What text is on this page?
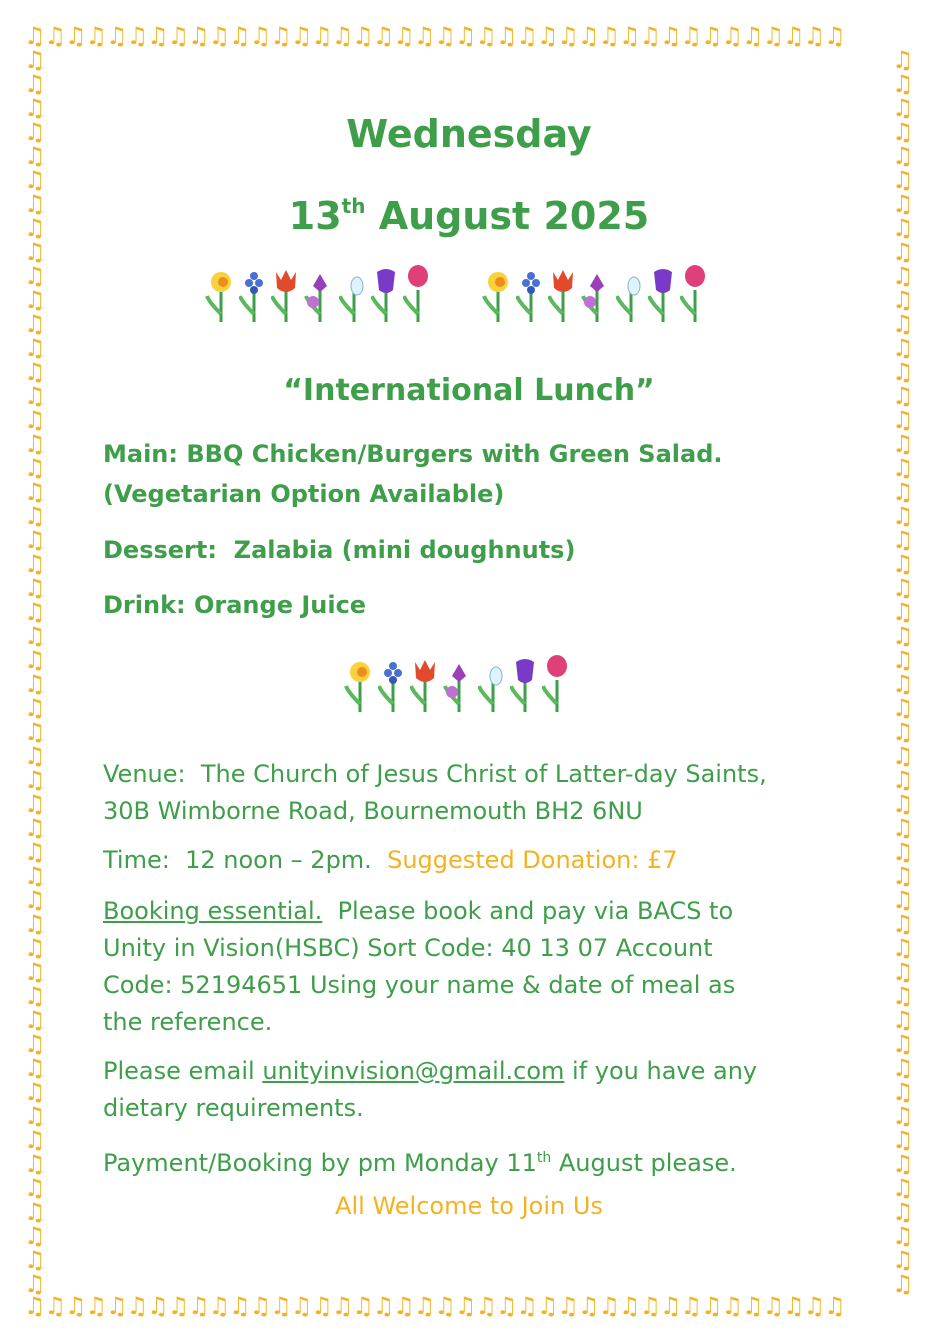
♫♫♫♫♫♫♫♫♫♫♫♫♫♫♫♫♫♫♫♫♫♫♫♫♫♫♫♫♫♫♫♫♫♫♫♫♫♫♫♫
♫♫♫♫♫♫♫♫♫♫♫♫♫♫♫♫♫♫♫♫♫♫♫♫♫♫♫♫♫♫♫♫♫♫♫♫♫♫♫♫
♫♫♫♫♫♫♫♫♫♫♫♫♫♫♫♫♫♫♫♫♫♫♫♫♫♫♫♫♫♫♫♫♫♫♫♫♫♫♫♫♫♫♫♫♫♫♫♫♫♫♫♫
♫♫♫♫♫♫♫♫♫♫♫♫♫♫♫♫♫♫♫♫♫♫♫♫♫♫♫♫♫♫♫♫♫♫♫♫♫♫♫♫♫♫♫♫♫♫♫♫♫♫♫♫
Wednesday
13th August 2025
“International Lunch”
Main: BBQ Chicken/Burgers with Green Salad.
(Vegetarian Option Available)
Dessert:  Zalabia (mini doughnuts)
Drink: Orange Juice
Venue:  The Church of Jesus Christ of Latter-day Saints,
30B Wimborne Road, Bournemouth BH2 6NU
Time:  12 noon – 2pm. Suggested Donation: £7
Booking essential.  Please book and pay via BACS to
Unity in Vision(HSBC) Sort Code: 40 13 07 Account
Code: 52194651 Using your name & date of meal as
the reference.
Please email unityinvision@gmail.com if you have any
dietary requirements.
Payment/Booking by pm Monday 11th August please.
All Welcome to Join Us
